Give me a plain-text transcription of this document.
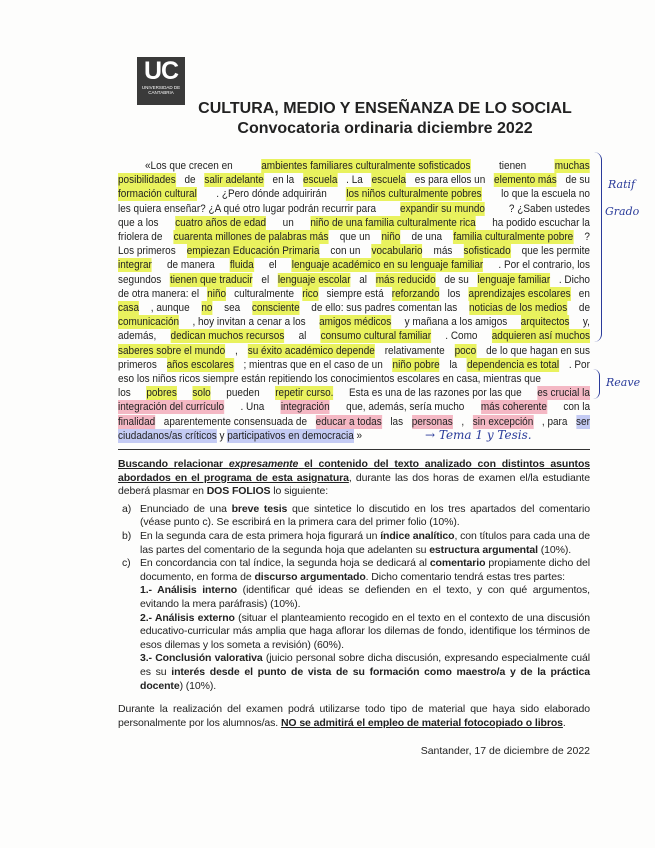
UC
UNIVERSIDAD DE CANTABRIA
CULTURA, MEDIO Y ENSEÑANZA DE LO SOCIAL
Convocatoria ordinaria diciembre 2022
«Los que crecen en	ambientes familiares culturalmente sofisticados	tienen	muchas
posibilidades de salir adelante en la escuela . La escuela es para ellos un elemento más de su
formación cultural . ¿Pero dónde adquirirán los niños culturalmente pobres lo que la escuela no
les quiera enseñar? ¿A qué otro lugar podrán recurrir para expandir su mundo ? ¿Saben ustedes
que a los cuatro años de edad un niño de una familia culturalmente rica ha podido escuchar la
friolera de cuarenta millones de palabras más que un niño de una familia culturalmente pobre ?
Los primeros empiezan Educación Primaria con un vocabulario más sofisticado que les permite
integrar de manera fluida el lenguaje académico en su lenguaje familiar . Por el contrario, los
segundos tienen que traducir el lenguaje escolar al más reducido de su lenguaje familiar . Dicho
de otra manera: el niño culturalmente rico siempre está reforzando los aprendizajes escolares en
casa , aunque no sea consciente de ello: sus padres comentan las noticias de los medios de
comunicación , hoy invitan a cenar a los amigos médicos y mañana a los amigos arquitectos y,
además, dedican muchos recursos al consumo cultural familiar . Como adquieren así muchos
saberes sobre el mundo , su éxito académico depende relativamente poco de lo que hagan en sus
primeros años escolares ; mientras que en el caso de un niño pobre la dependencia es total . Por
eso los niños ricos siempre están repitiendo los conocimientos escolares en casa, mientras que
los pobres solo pueden repetir curso. Esta es una de las razones por las que es crucial la
integración del currículo . Una integración que, además, sería mucho más coherente con la
finalidad aparentemente consensuada de educar a todas las personas , sin excepción , para ser
ciudadanos/as críticos y participativos en democracia »
Ratif
Grado
Reave
→ Tema 1 y Tesis.
Buscando relacionar expresamente el contenido del texto analizado con distintos asuntos abordados en el programa de esta asignatura, durante las dos horas de examen el/la estudiante deberá plasmar en DOS FOLIOS lo siguiente:
a) Enunciado de una breve tesis que sintetice lo discutido en los tres apartados del comentario (véase punto c). Se escribirá en la primera cara del primer folio (10%).
b) En la segunda cara de esta primera hoja figurará un índice analítico, con títulos para cada una de las partes del comentario de la segunda hoja que adelanten su estructura argumental (10%).
c) En concordancia con tal índice, la segunda hoja se dedicará al comentario propiamente dicho del documento, en forma de discurso argumentado. Dicho comentario tendrá estas tres partes:
1.- Análisis interno (identificar qué ideas se defienden en el texto, y con qué argumentos, evitando la mera paráfrasis) (10%).
2.- Análisis externo (situar el planteamiento recogido en el texto en el contexto de una discusión educativo-curricular más amplia que haga aflorar los dilemas de fondo, identifique los términos de esos dilemas y los someta a revisión) (60%).
3.- Conclusión valorativa (juicio personal sobre dicha discusión, expresando especialmente cuál es su interés desde el punto de vista de su formación como maestro/a y de la práctica docente) (10%).
Durante la realización del examen podrá utilizarse todo tipo de material que haya sido elaborado personalmente por los alumnos/as. NO se admitirá el empleo de material fotocopiado o libros.
Santander, 17 de diciembre de 2022
